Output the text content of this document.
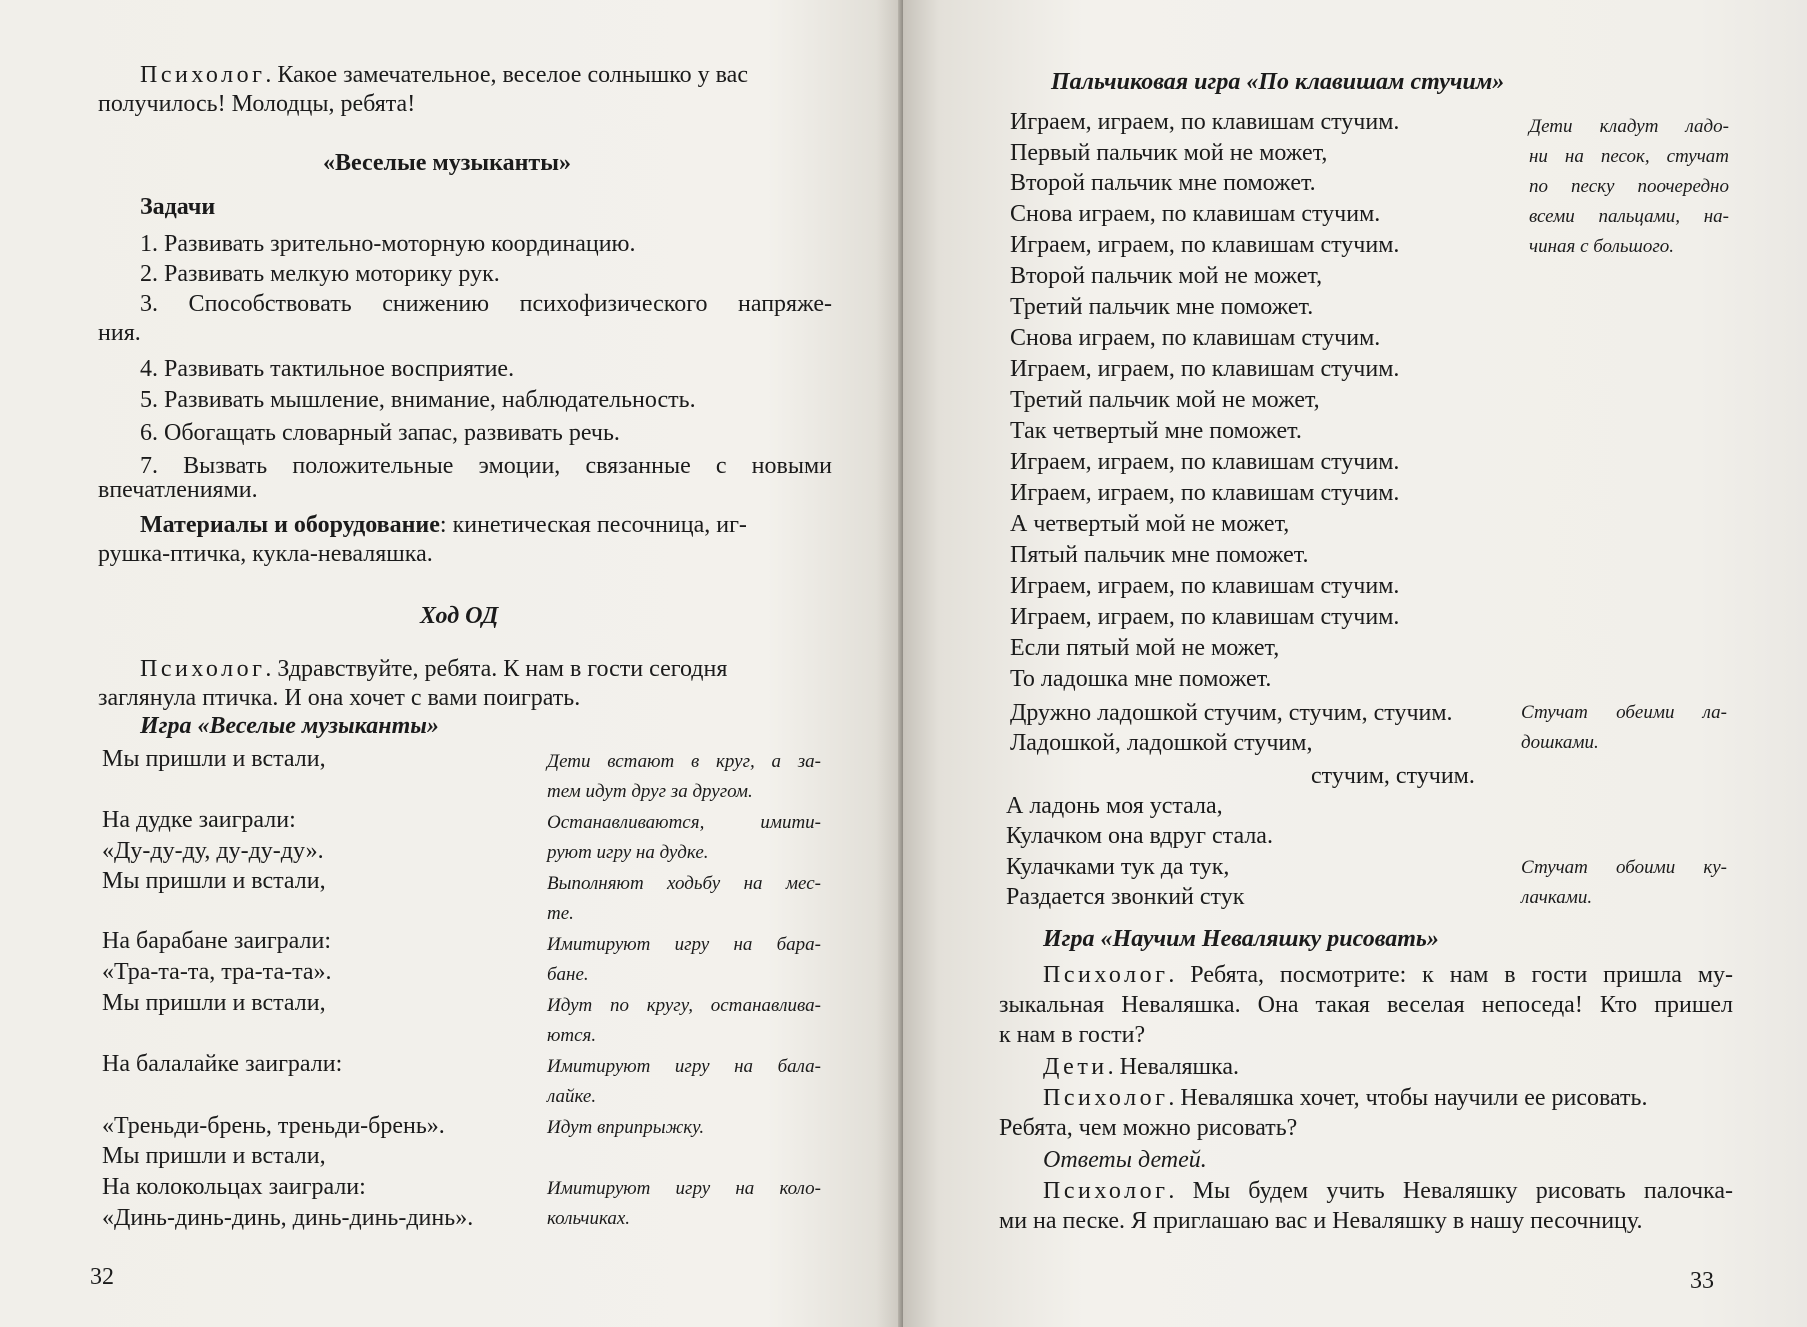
Психолог. Какое замечательное, веселое солнышко у вас
получилось! Молодцы, ребята!
«Веселые музыканты»
Задачи
1. Развивать зрительно-моторную координацию.
2. Развивать мелкую моторику рук.
3. Способствовать снижению психофизического напряже-
ния.
4. Развивать тактильное восприятие.
5. Развивать мышление, внимание, наблюдательность.
6. Обогащать словарный запас, развивать речь.
7. Вызвать положительные эмоции, связанные с новыми
впечатлениями.
Материалы и оборудование: кинетическая песочница, иг-
рушка-птичка, кукла-неваляшка.
Ход ОД
Психолог. Здравствуйте, ребята. К нам в гости сегодня
заглянула птичка. И она хочет с вами поиграть.
Игра «Веселые музыканты»
Мы пришли и встали,
На дудке заиграли:
«Ду-ду-ду, ду-ду-ду».
Мы пришли и встали,
На барабане заиграли:
«Тра-та-та, тра-та-та».
Мы пришли и встали,
На балалайке заиграли:
«Треньди-брень, треньди-брень».
Мы пришли и встали,
На колокольцах заиграли:
«Динь-динь-динь, динь-динь-динь».
Дети встают в круг, а за-
тем идут друг за другом.
Останавливаются, имити-
руют игру на дудке.
Выполняют ходьбу на мес-
те.
Имитируют игру на бара-
бане.
Идут по кругу, останавлива-
ются.
Имитируют игру на бала-
лайке.
Идут вприпрыжку.
Имитируют игру на коло-
кольчиках.
32
Пальчиковая игра «По клавишам стучим»
Играем, играем, по клавишам стучим.
Первый пальчик мой не может,
Второй пальчик мне поможет.
Снова играем, по клавишам стучим.
Играем, играем, по клавишам стучим.
Второй пальчик мой не может,
Третий пальчик мне поможет.
Снова играем, по клавишам стучим.
Играем, играем, по клавишам стучим.
Третий пальчик мой не может,
Так четвертый мне поможет.
Играем, играем, по клавишам стучим.
Играем, играем, по клавишам стучим.
А четвертый мой не может,
Пятый пальчик мне поможет.
Играем, играем, по клавишам стучим.
Играем, играем, по клавишам стучим.
Если пятый мой не может,
То ладошка мне поможет.
Дружно ладошкой стучим, стучим, стучим.
Ладошкой, ладошкой стучим,
стучим, стучим.
А ладонь моя устала,
Кулачком она вдруг стала.
Кулачками тук да тук,
Раздается звонкий стук
Дети кладут ладо-
ни на песок, стучат
по песку поочередно
всеми пальцами, на-
чиная с большого.
Стучат обеими ла-
дошками.
Стучат обоими ку-
лачками.
Игра «Научим Неваляшку рисовать»
Психолог. Ребята, посмотрите: к нам в гости пришла му-
зыкальная Неваляшка. Она такая веселая непоседа! Кто пришел
к нам в гости?
Дети. Неваляшка.
Психолог. Неваляшка хочет, чтобы научили ее рисовать.
Ребята, чем можно рисовать?
Ответы детей.
Психолог. Мы будем учить Неваляшку рисовать палочка-
ми на песке. Я приглашаю вас и Неваляшку в нашу песочницу.
33
